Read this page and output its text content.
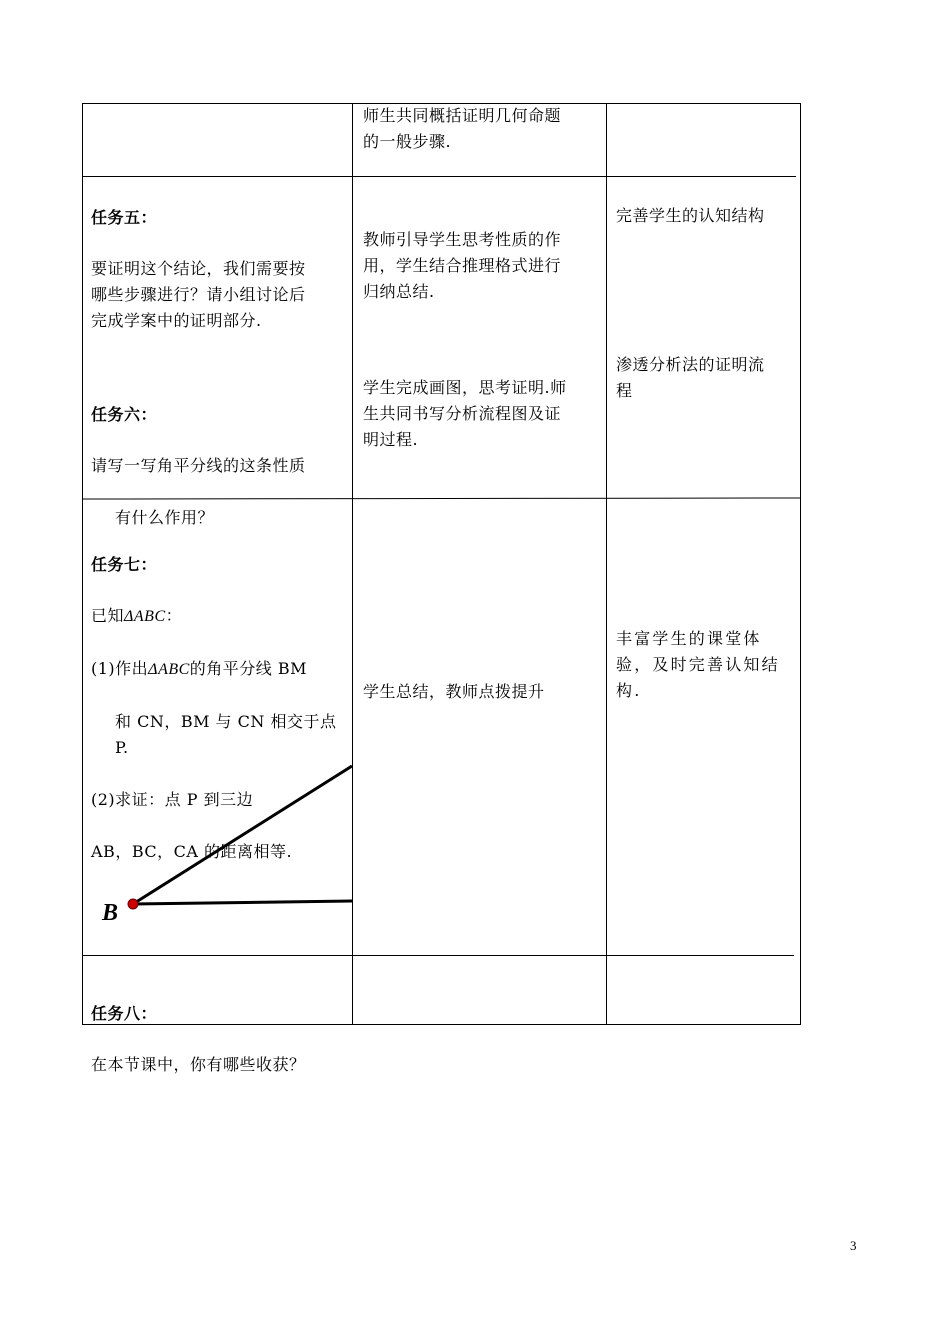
师生共同概括证明几何命题
的一般步骤.

任务五：

要证明这个结论，我们需要按
哪些步骤进行？请小组讨论后
完成学案中的证明部分.

任务六：

请写一写角平分线的这条性质

有什么作用？

教师引导学生思考性质的作
用，学生结合推理格式进行
归纳总结.
学生完成画图，思考证明.师
生共同书写分析流程图及证
明过程.
完善学生的认知结构
渗透分析法的证明流
程

任务七：

已知ΔABC：

(1)作出ΔABC的角平分线 BM

和 CN，BM 与 CN 相交于点 P.

(2)求证：点 P 到三边

AB，BC，CA 的距离相等.

B
学生总结，教师点拨提升
丰富学生的课堂体
验，及时完善认知结
构.

任务八：

在本节课中，你有哪些收获？

3
